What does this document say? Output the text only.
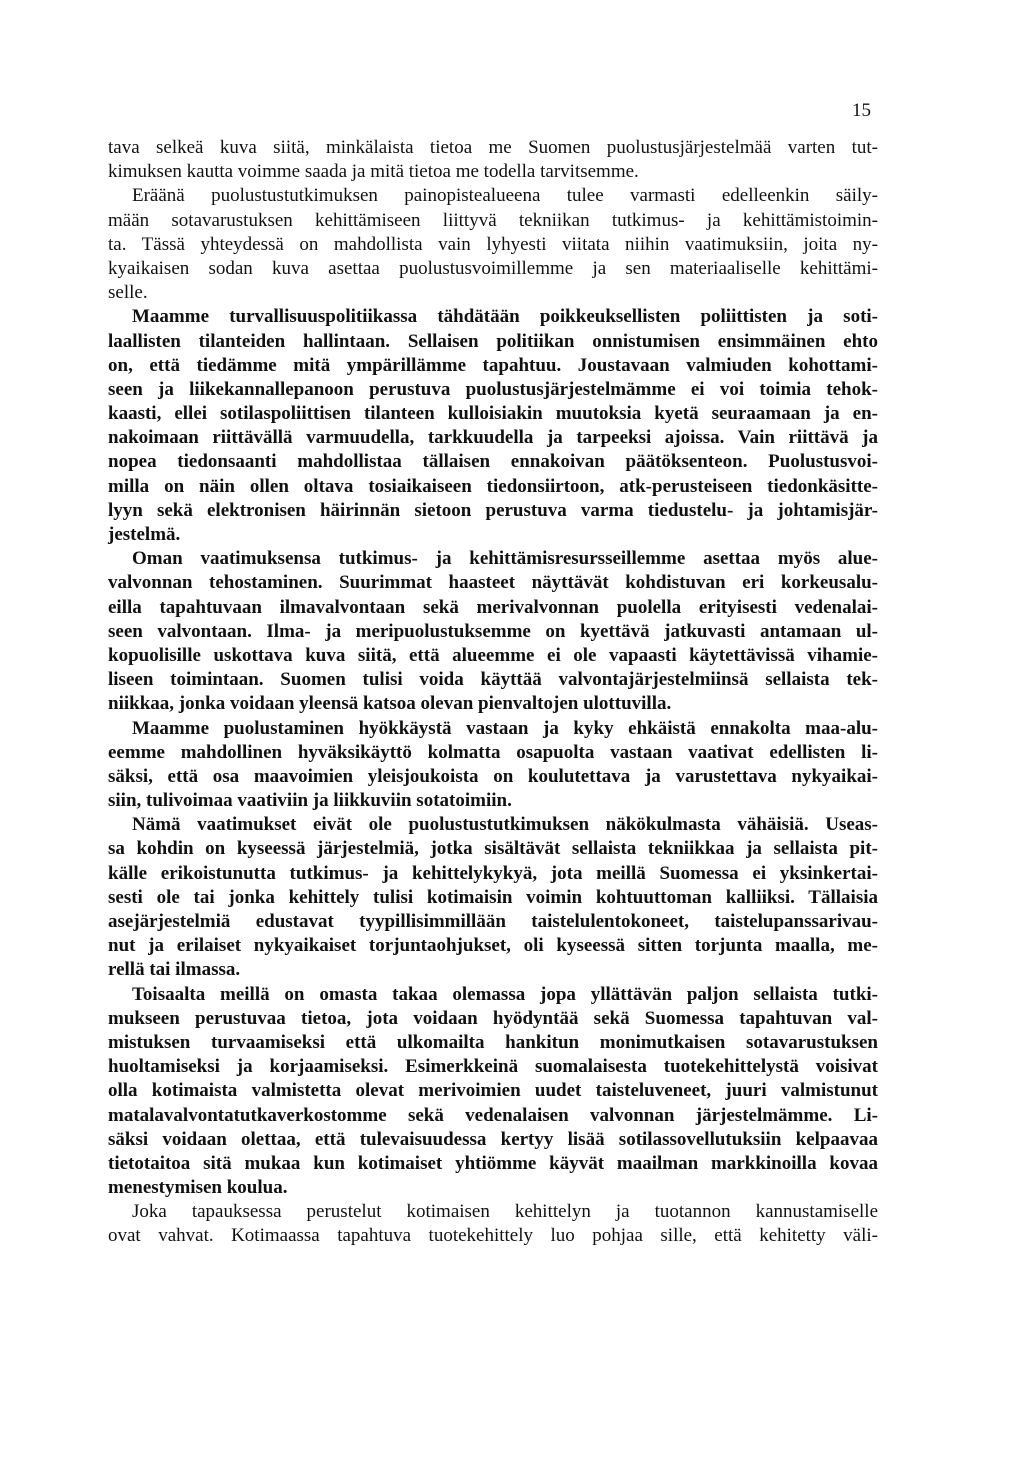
15
tava selkeä kuva siitä, minkälaista tietoa me Suomen puolustusjärjestelmää varten tut-
kimuksen kautta voimme saada ja mitä tietoa me todella tarvitsemme.
Eräänä puolustustutkimuksen painopistealueena tulee varmasti edelleenkin säily-
mään sotavarustuksen kehittämiseen liittyvä tekniikan tutkimus- ja kehittämistoimin-
ta. Tässä yhteydessä on mahdollista vain lyhyesti viitata niihin vaatimuksiin, joita ny-
kyaikaisen sodan kuva asettaa puolustusvoimillemme ja sen materiaaliselle kehittämi-
selle.
Maamme turvallisuuspolitiikassa tähdätään poikkeuksellisten poliittisten ja soti-
laallisten tilanteiden hallintaan. Sellaisen politiikan onnistumisen ensimmäinen ehto
on, että tiedämme mitä ympärillämme tapahtuu. Joustavaan valmiuden kohottami-
seen ja liikekannallepanoon perustuva puolustusjärjestelmämme ei voi toimia tehok-
kaasti, ellei sotilaspoliittisen tilanteen kulloisiakin muutoksia kyetä seuraamaan ja en-
nakoimaan riittävällä varmuudella, tarkkuudella ja tarpeeksi ajoissa. Vain riittävä ja
nopea tiedonsaanti mahdollistaa tällaisen ennakoivan päätöksenteon. Puolustusvoi-
milla on näin ollen oltava tosiaikaiseen tiedonsiirtoon, atk-perusteiseen tiedonkäsitte-
lyyn sekä elektronisen häirinnän sietoon perustuva varma tiedustelu- ja johtamisjär-
jestelmä.
Oman vaatimuksensa tutkimus- ja kehittämisresursseillemme asettaa myös alue-
valvonnan tehostaminen. Suurimmat haasteet näyttävät kohdistuvan eri korkeusalu-
eilla tapahtuvaan ilmavalvontaan sekä merivalvonnan puolella erityisesti vedenalai-
seen valvontaan. Ilma- ja meripuolustuksemme on kyettävä jatkuvasti antamaan ul-
kopuolisille uskottava kuva siitä, että alueemme ei ole vapaasti käytettävissä vihamie-
liseen toimintaan. Suomen tulisi voida käyttää valvontajärjestelmiinsä sellaista tek-
niikkaa, jonka voidaan yleensä katsoa olevan pienvaltojen ulottuvilla.
Maamme puolustaminen hyökkäystä vastaan ja kyky ehkäistä ennakolta maa-alu-
eemme mahdollinen hyväksikäyttö kolmatta osapuolta vastaan vaativat edellisten li-
säksi, että osa maavoimien yleisjoukoista on koulutettava ja varustettava nykyaikai-
siin, tulivoimaa vaativiin ja liikkuviin sotatoimiin.
Nämä vaatimukset eivät ole puolustustutkimuksen näkökulmasta vähäisiä. Useas-
sa kohdin on kyseessä järjestelmiä, jotka sisältävät sellaista tekniikkaa ja sellaista pit-
källe erikoistunutta tutkimus- ja kehittelykykyä, jota meillä Suomessa ei yksinkertai-
sesti ole tai jonka kehittely tulisi kotimaisin voimin kohtuuttoman kalliiksi. Tällaisia
asejärjestelmiä edustavat tyypillisimmillään taistelulentokoneet, taistelupanssarivau-
nut ja erilaiset nykyaikaiset torjuntaohjukset, oli kyseessä sitten torjunta maalla, me-
rellä tai ilmassa.
Toisaalta meillä on omasta takaa olemassa jopa yllättävän paljon sellaista tutki-
mukseen perustuvaa tietoa, jota voidaan hyödyntää sekä Suomessa tapahtuvan val-
mistuksen turvaamiseksi että ulkomailta hankitun monimutkaisen sotavarustuksen
huoltamiseksi ja korjaamiseksi. Esimerkkeinä suomalaisesta tuotekehittelystä voisivat
olla kotimaista valmistetta olevat merivoimien uudet taisteluveneet, juuri valmistunut
matalavalvontatutkaverkostomme sekä vedenalaisen valvonnan järjestelmämme. Li-
säksi voidaan olettaa, että tulevaisuudessa kertyy lisää sotilassovellutuksiin kelpaavaa
tietotaitoa sitä mukaa kun kotimaiset yhtiömme käyvät maailman markkinoilla kovaa
menestymisen koulua.
Joka tapauksessa perustelut kotimaisen kehittelyn ja tuotannon kannustamiselle
ovat vahvat. Kotimaassa tapahtuva tuotekehittely luo pohjaa sille, että kehitetty väli-
